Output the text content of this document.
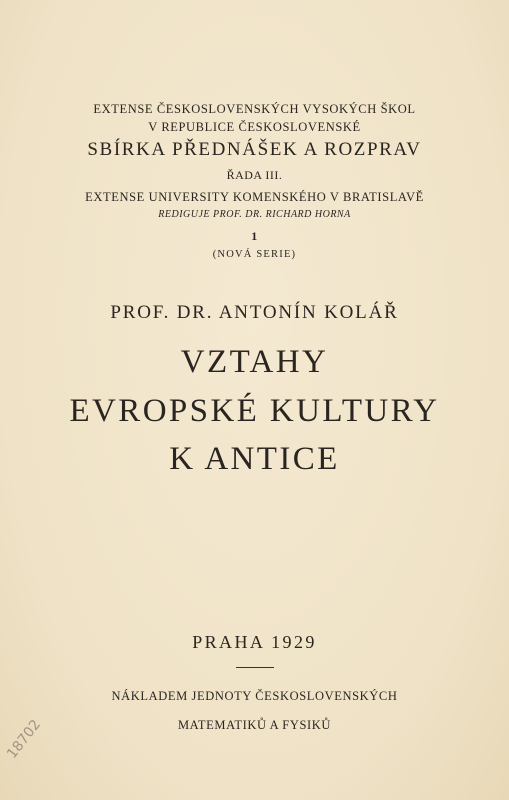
EXTENSE ČESKOSLOVENSKÝCH VYSOKÝCH ŠKOL
V REPUBLICE ČESKOSLOVENSKÉ
SBÍRKA PŘEDNÁŠEK A ROZPRAV
ŘADA III.
EXTENSE UNIVERSITY KOMENSKÉHO V BRATISLAVĚ
REDIGUJE PROF. DR. RICHARD HORNA
1
(NOVÁ SERIE)
PROF. DR. ANTONÍN KOLÁŘ
VZTAHY
EVROPSKÉ KULTURY
K ANTICE
PRAHA 1929
NÁKLADEM JEDNOTY ČESKOSLOVENSKÝCH
MATEMATIKŮ A FYSIKŮ
18702
